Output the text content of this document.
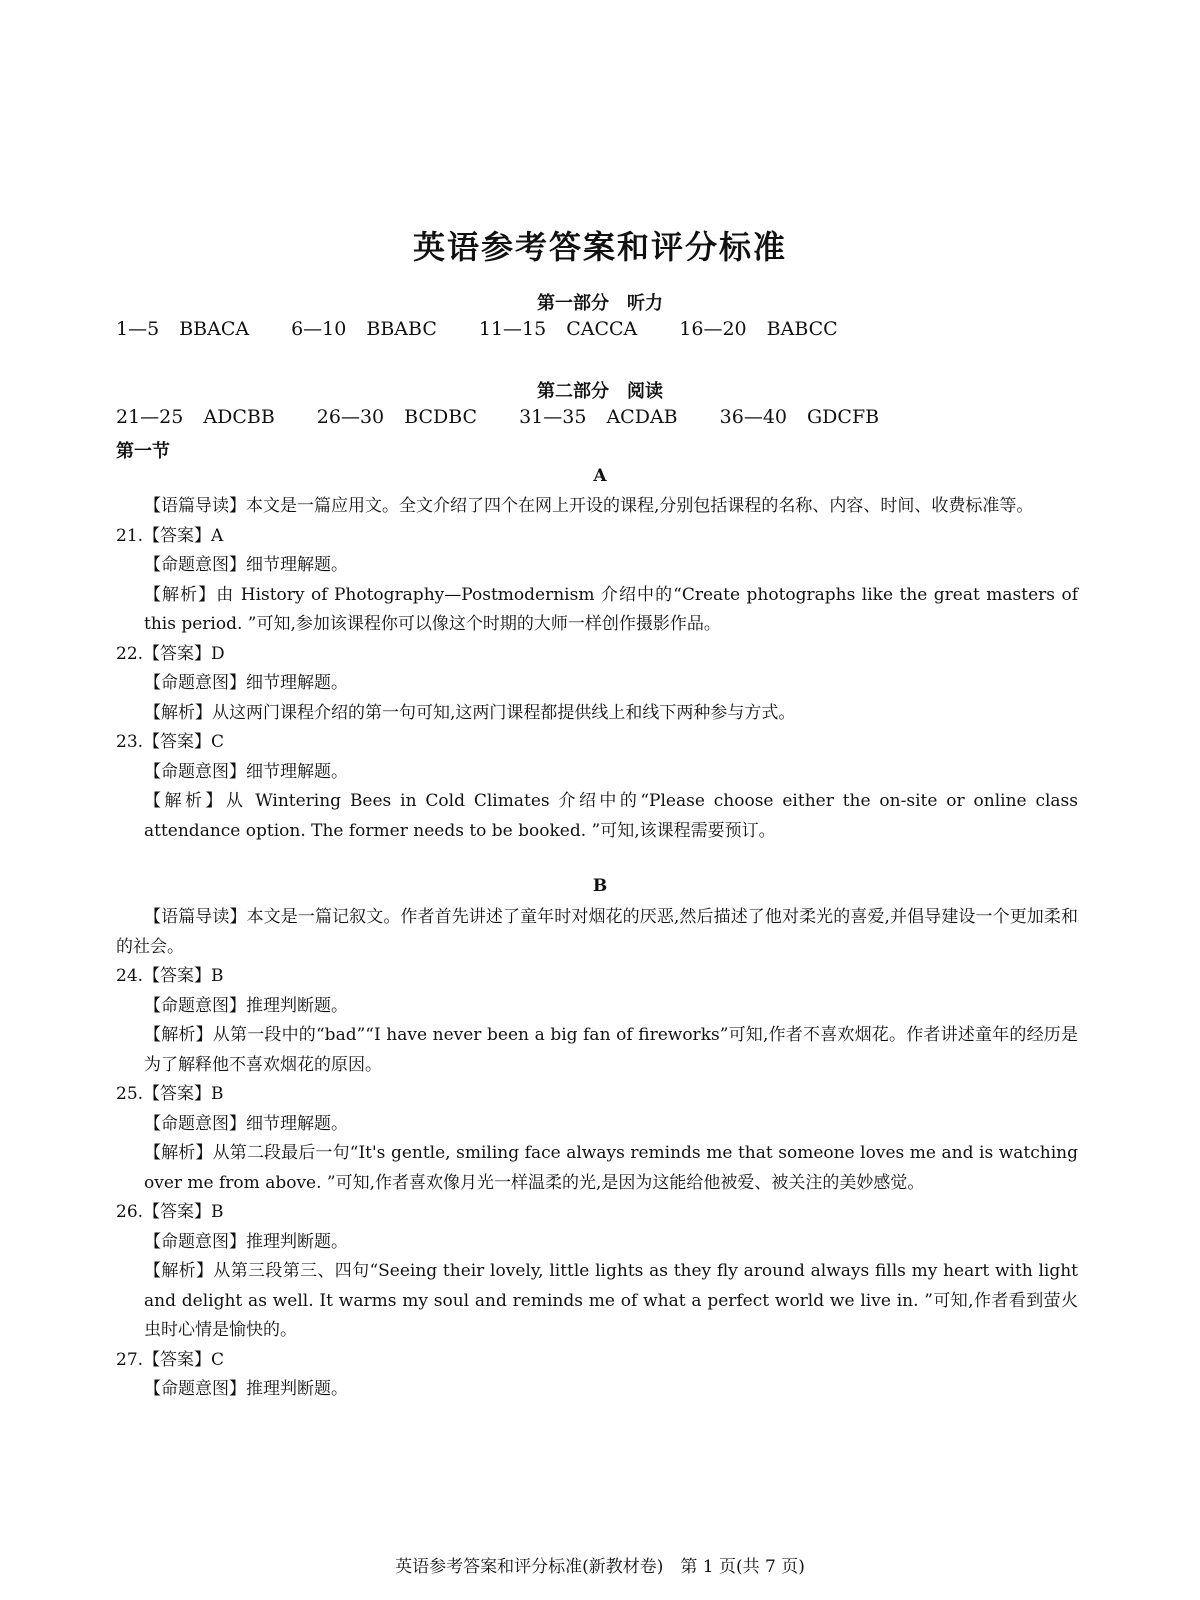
英语参考答案和评分标准
第一部分　听力
1—5 BBACA 6—10 BBABC 11—15 CACCA 16—20 BABCC
第二部分　阅读
21—25 ADCBB 26—30 BCDBC 31—35 ACDAB 36—40 GDCFB
第一节
A
【语篇导读】本文是一篇应用文。全文介绍了四个在网上开设的课程,分别包括课程的名称、内容、时间、收费标准等。
21.【答案】A
【命题意图】细节理解题。
【解析】由 History of Photography—Postmodernism 介绍中的“Create photographs like the great masters of this period. ”可知,参加该课程你可以像这个时期的大师一样创作摄影作品。
22.【答案】D
【命题意图】细节理解题。
【解析】从这两门课程介绍的第一句可知,这两门课程都提供线上和线下两种参与方式。
23.【答案】C
【命题意图】细节理解题。
【解析】从 Wintering Bees in Cold Climates 介绍中的“Please choose either the on-site or online class attendance option. The former needs to be booked. ”可知,该课程需要预订。
B
【语篇导读】本文是一篇记叙文。作者首先讲述了童年时对烟花的厌恶,然后描述了他对柔光的喜爱,并倡导建设一个更加柔和的社会。
24.【答案】B
【命题意图】推理判断题。
【解析】从第一段中的“bad”“I have never been a big fan of fireworks”可知,作者不喜欢烟花。作者讲述童年的经历是为了解释他不喜欢烟花的原因。
25.【答案】B
【命题意图】细节理解题。
【解析】从第二段最后一句“It's gentle, smiling face always reminds me that someone loves me and is watching over me from above. ”可知,作者喜欢像月光一样温柔的光,是因为这能给他被爱、被关注的美妙感觉。
26.【答案】B
【命题意图】推理判断题。
【解析】从第三段第三、四句“Seeing their lovely, little lights as they fly around always fills my heart with light and delight as well. It warms my soul and reminds me of what a perfect world we live in. ”可知,作者看到萤火虫时心情是愉快的。
27.【答案】C
【命题意图】推理判断题。
英语参考答案和评分标准(新教材卷)　第 1 页(共 7 页)
